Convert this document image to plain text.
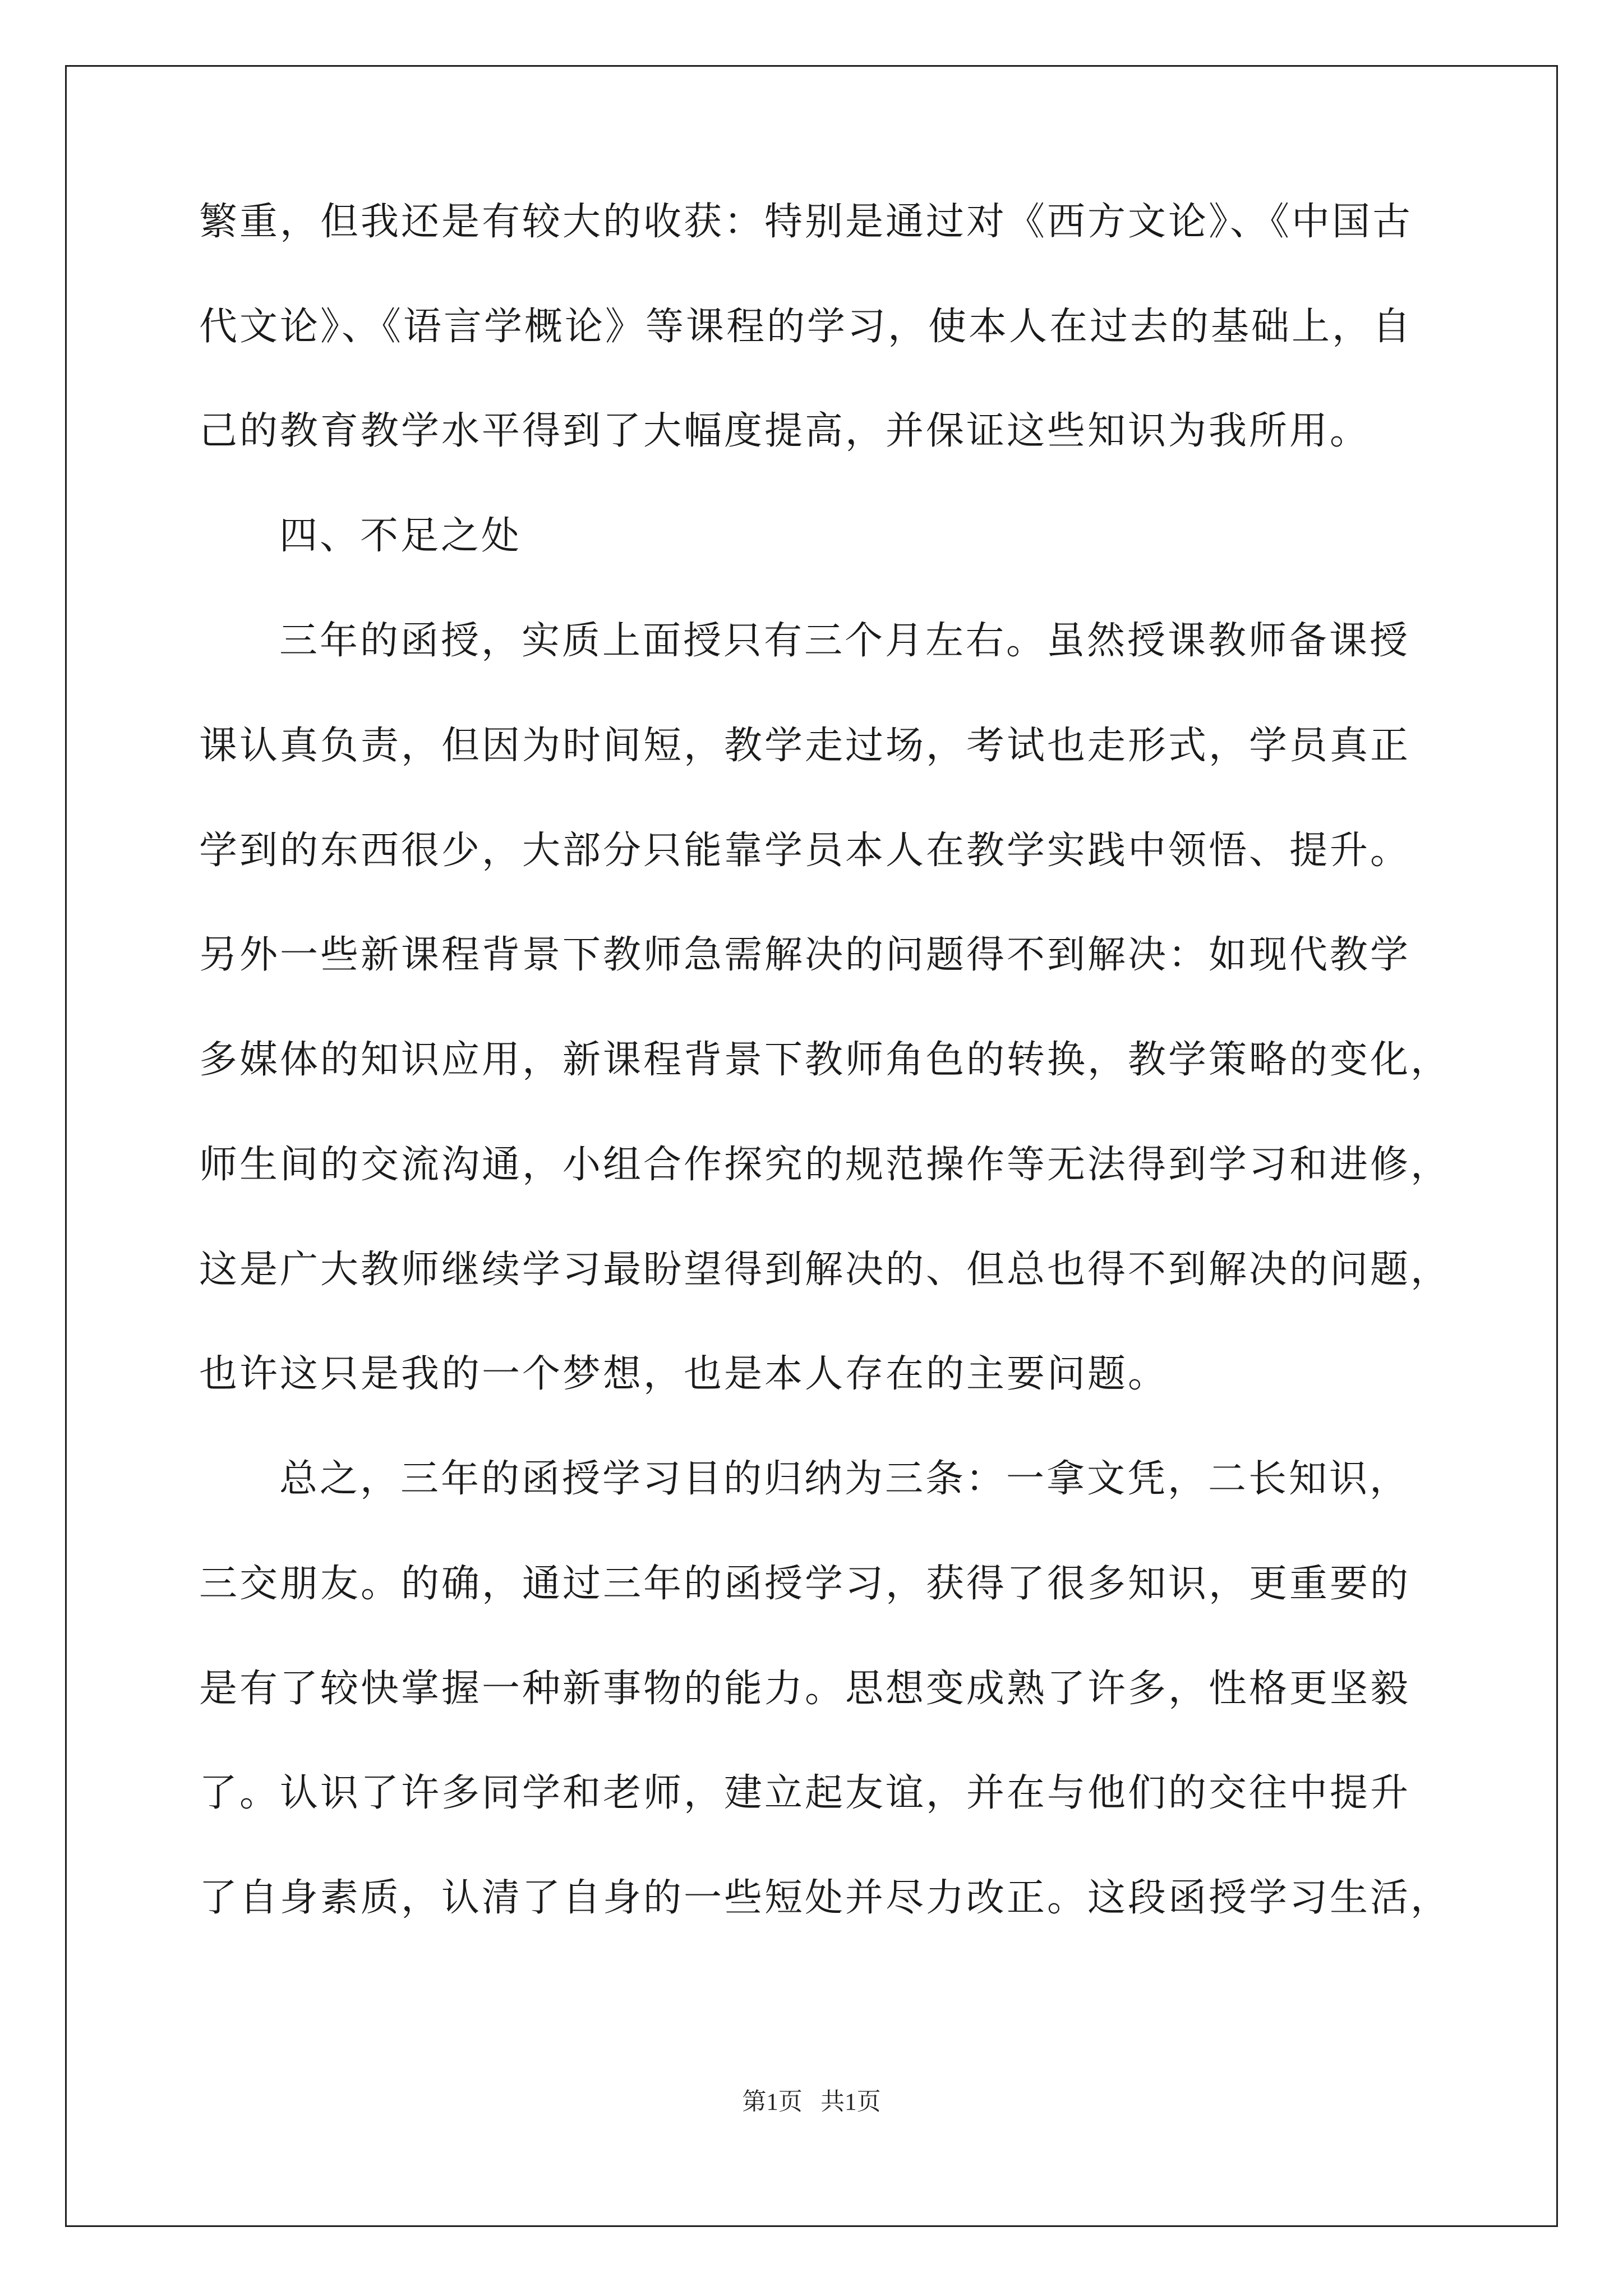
繁重，但我还是有较大的收获：特别是通过对《西方文论》、《中国古
代文论》、《语言学概论》等课程的学习，使本人在过去的基础上，自
己的教育教学水平得到了大幅度提高，并保证这些知识为我所用。
四、不足之处
三年的函授，实质上面授只有三个月左右。虽然授课教师备课授
课认真负责，但因为时间短，教学走过场，考试也走形式，学员真正
学到的东西很少，大部分只能靠学员本人在教学实践中领悟、提升。
另外一些新课程背景下教师急需解决的问题得不到解决：如现代教学
多媒体的知识应用，新课程背景下教师角色的转换，教学策略的变化，
师生间的交流沟通，小组合作探究的规范操作等无法得到学习和进修，
这是广大教师继续学习最盼望得到解决的、但总也得不到解决的问题，
也许这只是我的一个梦想，也是本人存在的主要问题。
总之，三年的函授学习目的归纳为三条：一拿文凭，二长知识，
三交朋友。的确，通过三年的函授学习，获得了很多知识，更重要的
是有了较快掌握一种新事物的能力。思想变成熟了许多，性格更坚毅
了。认识了许多同学和老师，建立起友谊，并在与他们的交往中提升
了自身素质，认清了自身的一些短处并尽力改正。这段函授学习生活，
第1页   共1页
